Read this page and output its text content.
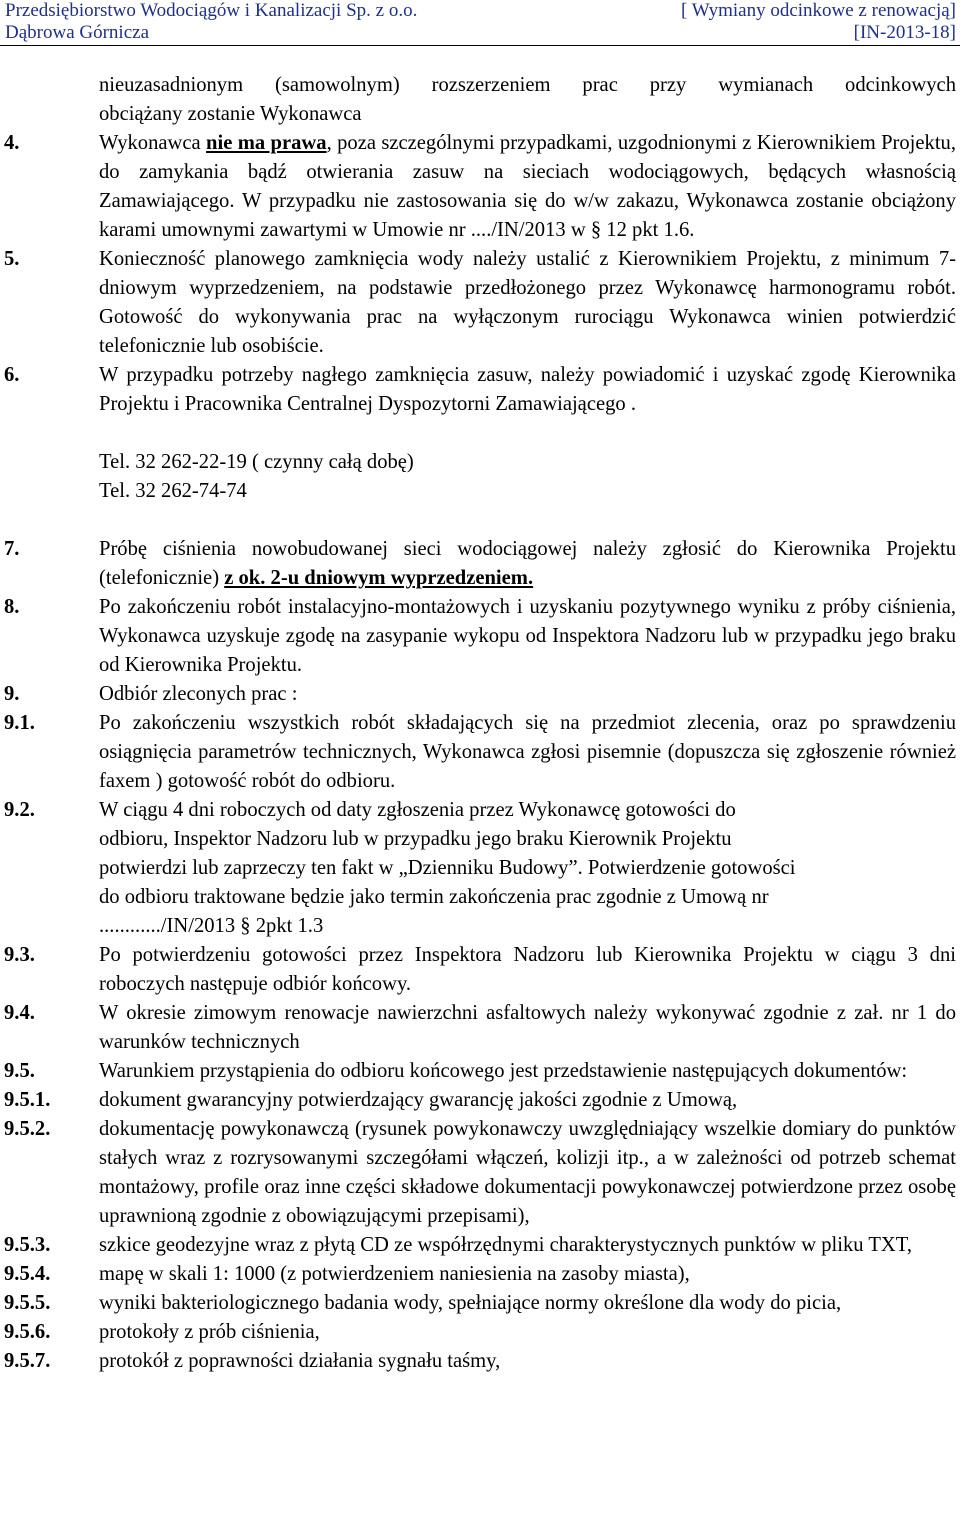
Przedsiębiorstwo Wodociągów i Kanalizacji Sp. z o.o.	[ Wymiany odcinkowe z renowacją]
Dąbrowa Górnicza	[IN-2013-18]
nieuzasadnionym (samowolnym) rozszerzeniem prac przy wymianach odcinkowych
obciążany zostanie Wykonawca
4.	Wykonawca nie ma prawa, poza szczególnymi przypadkami, uzgodnionymi z Kierownikiem Projektu, do zamykania bądź otwierania zasuw na sieciach wodociągowych, będących własnością Zamawiającego. W przypadku nie zastosowania się do w/w zakazu, Wykonawca zostanie obciążony karami umownymi zawartymi w Umowie nr ..../IN/2013 w § 12 pkt 1.6.
5.	Konieczność planowego zamknięcia wody należy ustalić z Kierownikiem Projektu, z minimum 7-dniowym wyprzedzeniem, na podstawie przedłożonego przez Wykonawcę harmonogramu robót. Gotowość do wykonywania prac na wyłączonym rurociągu Wykonawca winien potwierdzić telefonicznie lub osobiście.
6.	W przypadku potrzeby nagłego zamknięcia zasuw, należy powiadomić i uzyskać zgodę Kierownika Projektu i Pracownika Centralnej Dyspozytorni Zamawiającego .
Tel. 32 262-22-19 ( czynny całą dobę)
Tel. 32 262-74-74
7.	Próbę ciśnienia nowobudowanej sieci wodociągowej należy zgłosić do Kierownika Projektu (telefonicznie) z ok. 2-u dniowym wyprzedzeniem.
8.	Po zakończeniu robót instalacyjno-montażowych i uzyskaniu pozytywnego wyniku z próby ciśnienia, Wykonawca uzyskuje zgodę na zasypanie wykopu od Inspektora Nadzoru lub w przypadku jego braku od Kierownika Projektu.
9.	Odbiór zleconych prac :
9.1.	Po zakończeniu wszystkich robót składających się na przedmiot zlecenia, oraz po sprawdzeniu osiągnięcia parametrów technicznych, Wykonawca zgłosi pisemnie (dopuszcza się zgłoszenie również faxem ) gotowość robót do odbioru.
9.2.	W ciągu 4 dni roboczych od daty zgłoszenia przez Wykonawcę gotowości do
odbioru, Inspektor Nadzoru lub w przypadku jego braku Kierownik Projektu
potwierdzi lub zaprzeczy ten fakt w „Dzienniku Budowy”. Potwierdzenie gotowości
do odbioru traktowane będzie jako termin zakończenia prac zgodnie z Umową nr
............/IN/2013 § 2pkt 1.3
9.3.	Po potwierdzeniu gotowości przez Inspektora Nadzoru lub Kierownika Projektu w ciągu 3 dni roboczych następuje odbiór końcowy.
9.4.	W okresie zimowym renowacje nawierzchni asfaltowych należy wykonywać zgodnie z zał. nr 1 do warunków technicznych
9.5.	Warunkiem przystąpienia do odbioru końcowego jest przedstawienie następujących dokumentów:
9.5.1. dokument gwarancyjny potwierdzający gwarancję jakości zgodnie z Umową,
9.5.2. dokumentację powykonawczą (rysunek powykonawczy uwzględniający wszelkie domiary do punktów stałych wraz z rozrysowanymi szczegółami włączeń, kolizji itp., a w zależności od potrzeb schemat montażowy, profile oraz inne części składowe dokumentacji powykonawczej potwierdzone przez osobę uprawnioną zgodnie z obowiązującymi przepisami),
9.5.3. szkice geodezyjne wraz z płytą CD ze współrzędnymi charakterystycznych punktów w pliku TXT,
9.5.4. mapę w skali 1: 1000 (z potwierdzeniem naniesienia na zasoby miasta),
9.5.5. wyniki bakteriologicznego badania wody, spełniające normy określone dla wody do picia,
9.5.6. protokoły z prób ciśnienia,
9.5.7. protokół z poprawności działania sygnału taśmy,
